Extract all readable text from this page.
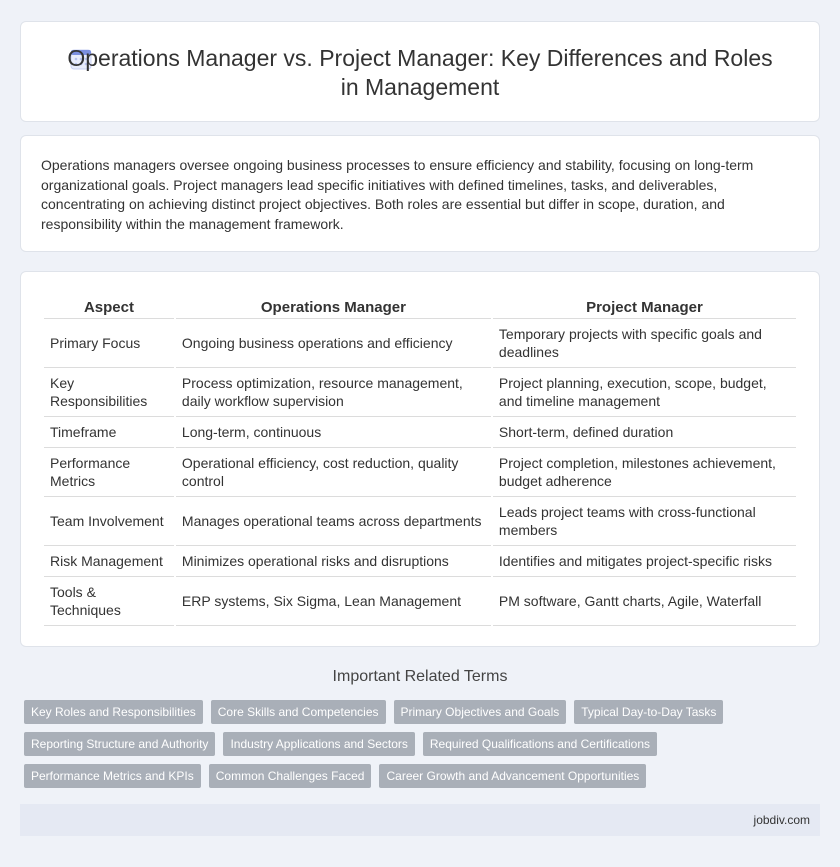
Operations Manager vs. Project Manager: Key Differences and Roles in Management

Operations managers oversee ongoing business processes to ensure efficiency and stability, focusing on long-term organizational goals. Project managers lead specific initiatives with defined timelines, tasks, and deliverables, concentrating on achieving distinct project objectives. Both roles are essential but differ in scope, duration, and responsibility within the management framework.

Aspect	Operations Manager	Project Manager
Primary Focus	Ongoing business operations and efficiency	Temporary projects with specific goals and deadlines
Key Responsibilities	Process optimization, resource management, daily workflow supervision	Project planning, execution, scope, budget, and timeline management
Timeframe	Long-term, continuous	Short-term, defined duration
Performance Metrics	Operational efficiency, cost reduction, quality control	Project completion, milestones achievement, budget adherence
Team Involvement	Manages operational teams across departments	Leads project teams with cross-functional members
Risk Management	Minimizes operational risks and disruptions	Identifies and mitigates project-specific risks
Tools & Techniques	ERP systems, Six Sigma, Lean Management	PM software, Gantt charts, Agile, Waterfall
Important Related Terms
Key Roles and Responsibilities	Core Skills and Competencies	Primary Objectives and Goals	Typical Day-to-Day Tasks
Reporting Structure and Authority	Industry Applications and Sectors	Required Qualifications and Certifications
Performance Metrics and KPIs	Common Challenges Faced	Career Growth and Advancement Opportunities
jobdiv.com
